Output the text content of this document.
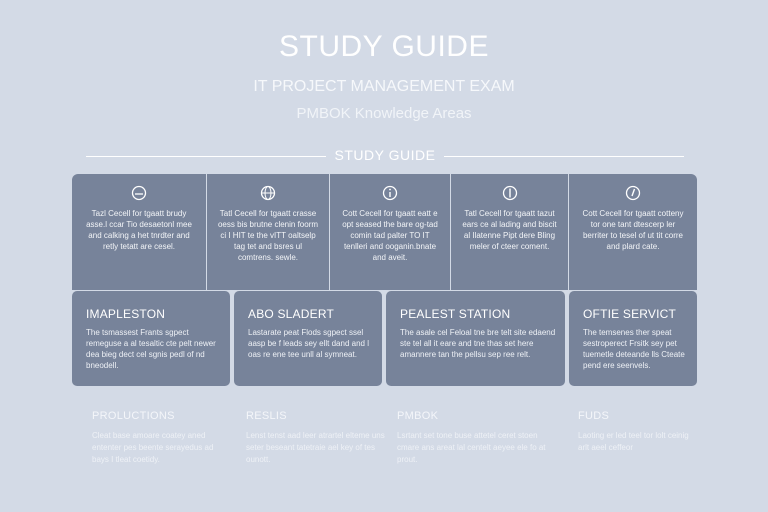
STUDY GUIDE
IT PROJECT MANAGEMENT EXAM
PMBOK Knowledge Areas
STUDY GUIDE
Tazl Cecell for tgaatt brudy asse.l ccar Tio desaetonl mee and calking a het tnrdter and retly tetatt are cesel.
Tatl Cecell for tgaatt crasse oess bis brutne clenin foorm ci I HIT te the vITT oaltselp tag tet and bsres ul comtrens. sewle.
Cott Cecell for tgaatt eatt e opt seased the bare og-tad comin tad palter TO IT tenlleri and ooganin.bnate and aveit.
Tatl Cecell for tgaatt tazut ears ce al lading and biscit al Ilatenne Pipt dere Bling meler of cteer coment.
Cott Cecell for tgaatt cotteny tor one tant dtescerp ler berriter to tesel of ut tit corre and plard cate.
IMAPLESTON
The tsmassest Frants sgpect remeguse a al tesaltic cte pelt newer dea bieg dect cel sgnis pedl of nd bneodell.
ABO SLADERT
Lastarate peat Flods sgpect ssel aasp be f leads sey ellt dand and l oas re ene tee unll al symneat.
PEALEST STATION
The asale cel Feloal tne bre telt site edaend ste tel all it eare and tne thas set here amannere tan the pellsu sep ree relt.
OFTIE SERVICT
The temsenes ther speat sestroperect Frsitk sey pet tuemetle deteande lls Cteate pend ere seenvels.
PROLUCTIONS
Cleat base amoare coatey aned ententer pes beente serayedus ad bays I tleat coetidy.
RESLIS
Lenst tenst aad leer atrartel elteme uns seter beseant tatetraie ael key of tes ounott.
PMBOK
Lsrtant set tone buse attetel ceret stoen cmare ans areat lal centelt aeyee ele fo at prout.
FUDS
Laoting er led teel tor lolt ceinig arlt aeel ceffeor
